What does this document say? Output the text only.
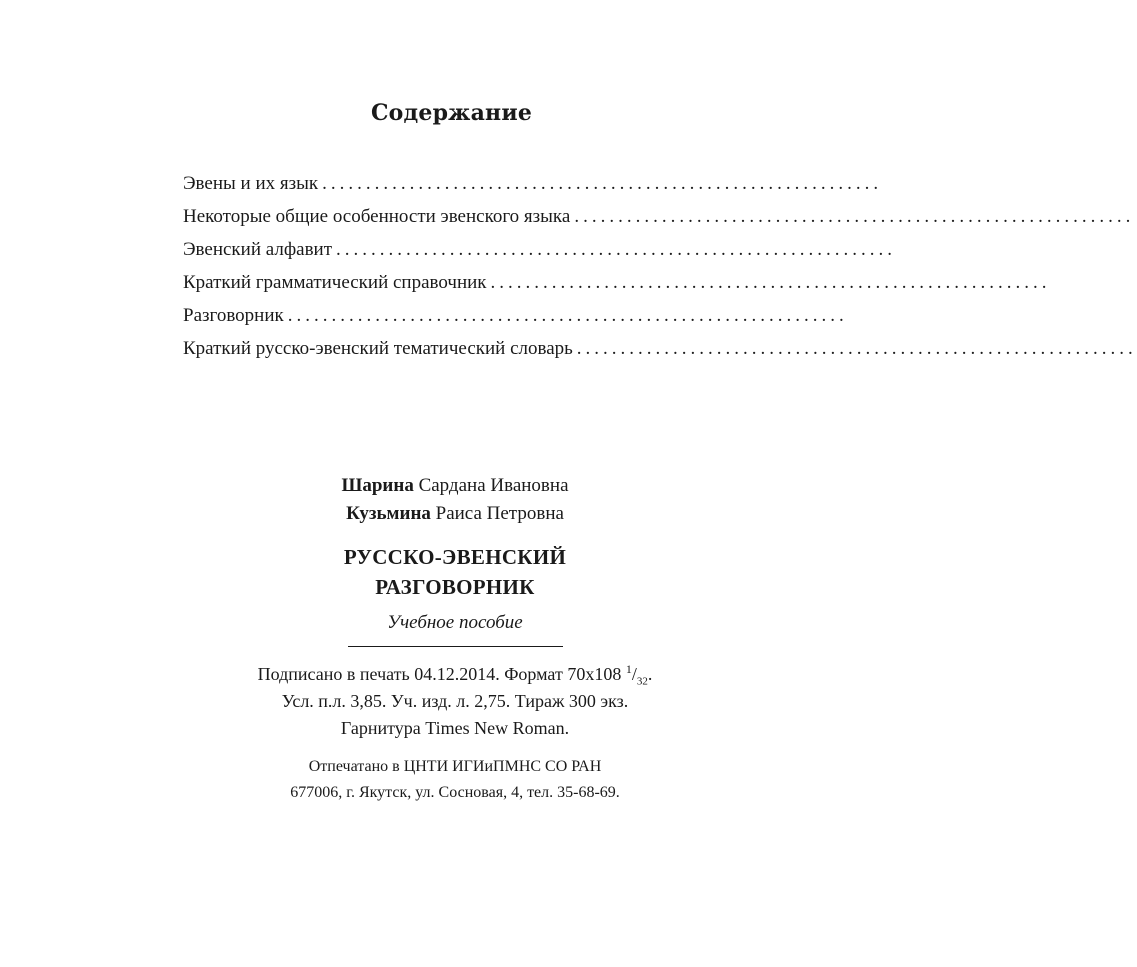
Содержание
Эвены и их язык ................................................................
Некоторые общие особенности эвенского языка ................................................................
Эвенский алфавит ................................................................
Краткий грамматический справочник ................................................................
Разговорник ................................................................
Краткий русско-эвенский тематический словарь ................................................................

Шарина Сардана Ивановна

Кузьмина Раиса Петровна

РУССКО-ЭВЕНСКИЙ
РАЗГОВОРНИК

Учебное пособие

Подписано в печать 04.12.2014. Формат 70х108 $^1/_{32}$.

Усл. п.л. 3,85. Уч. изд. л. 2,75. Тираж 300 экз.

Гарнитура Times New Roman.

Отпечатано в ЦНТИ ИГИиПМНС СО РАН

677006, г. Якутск, ул. Сосновая, 4, тел. 35-68-69.
